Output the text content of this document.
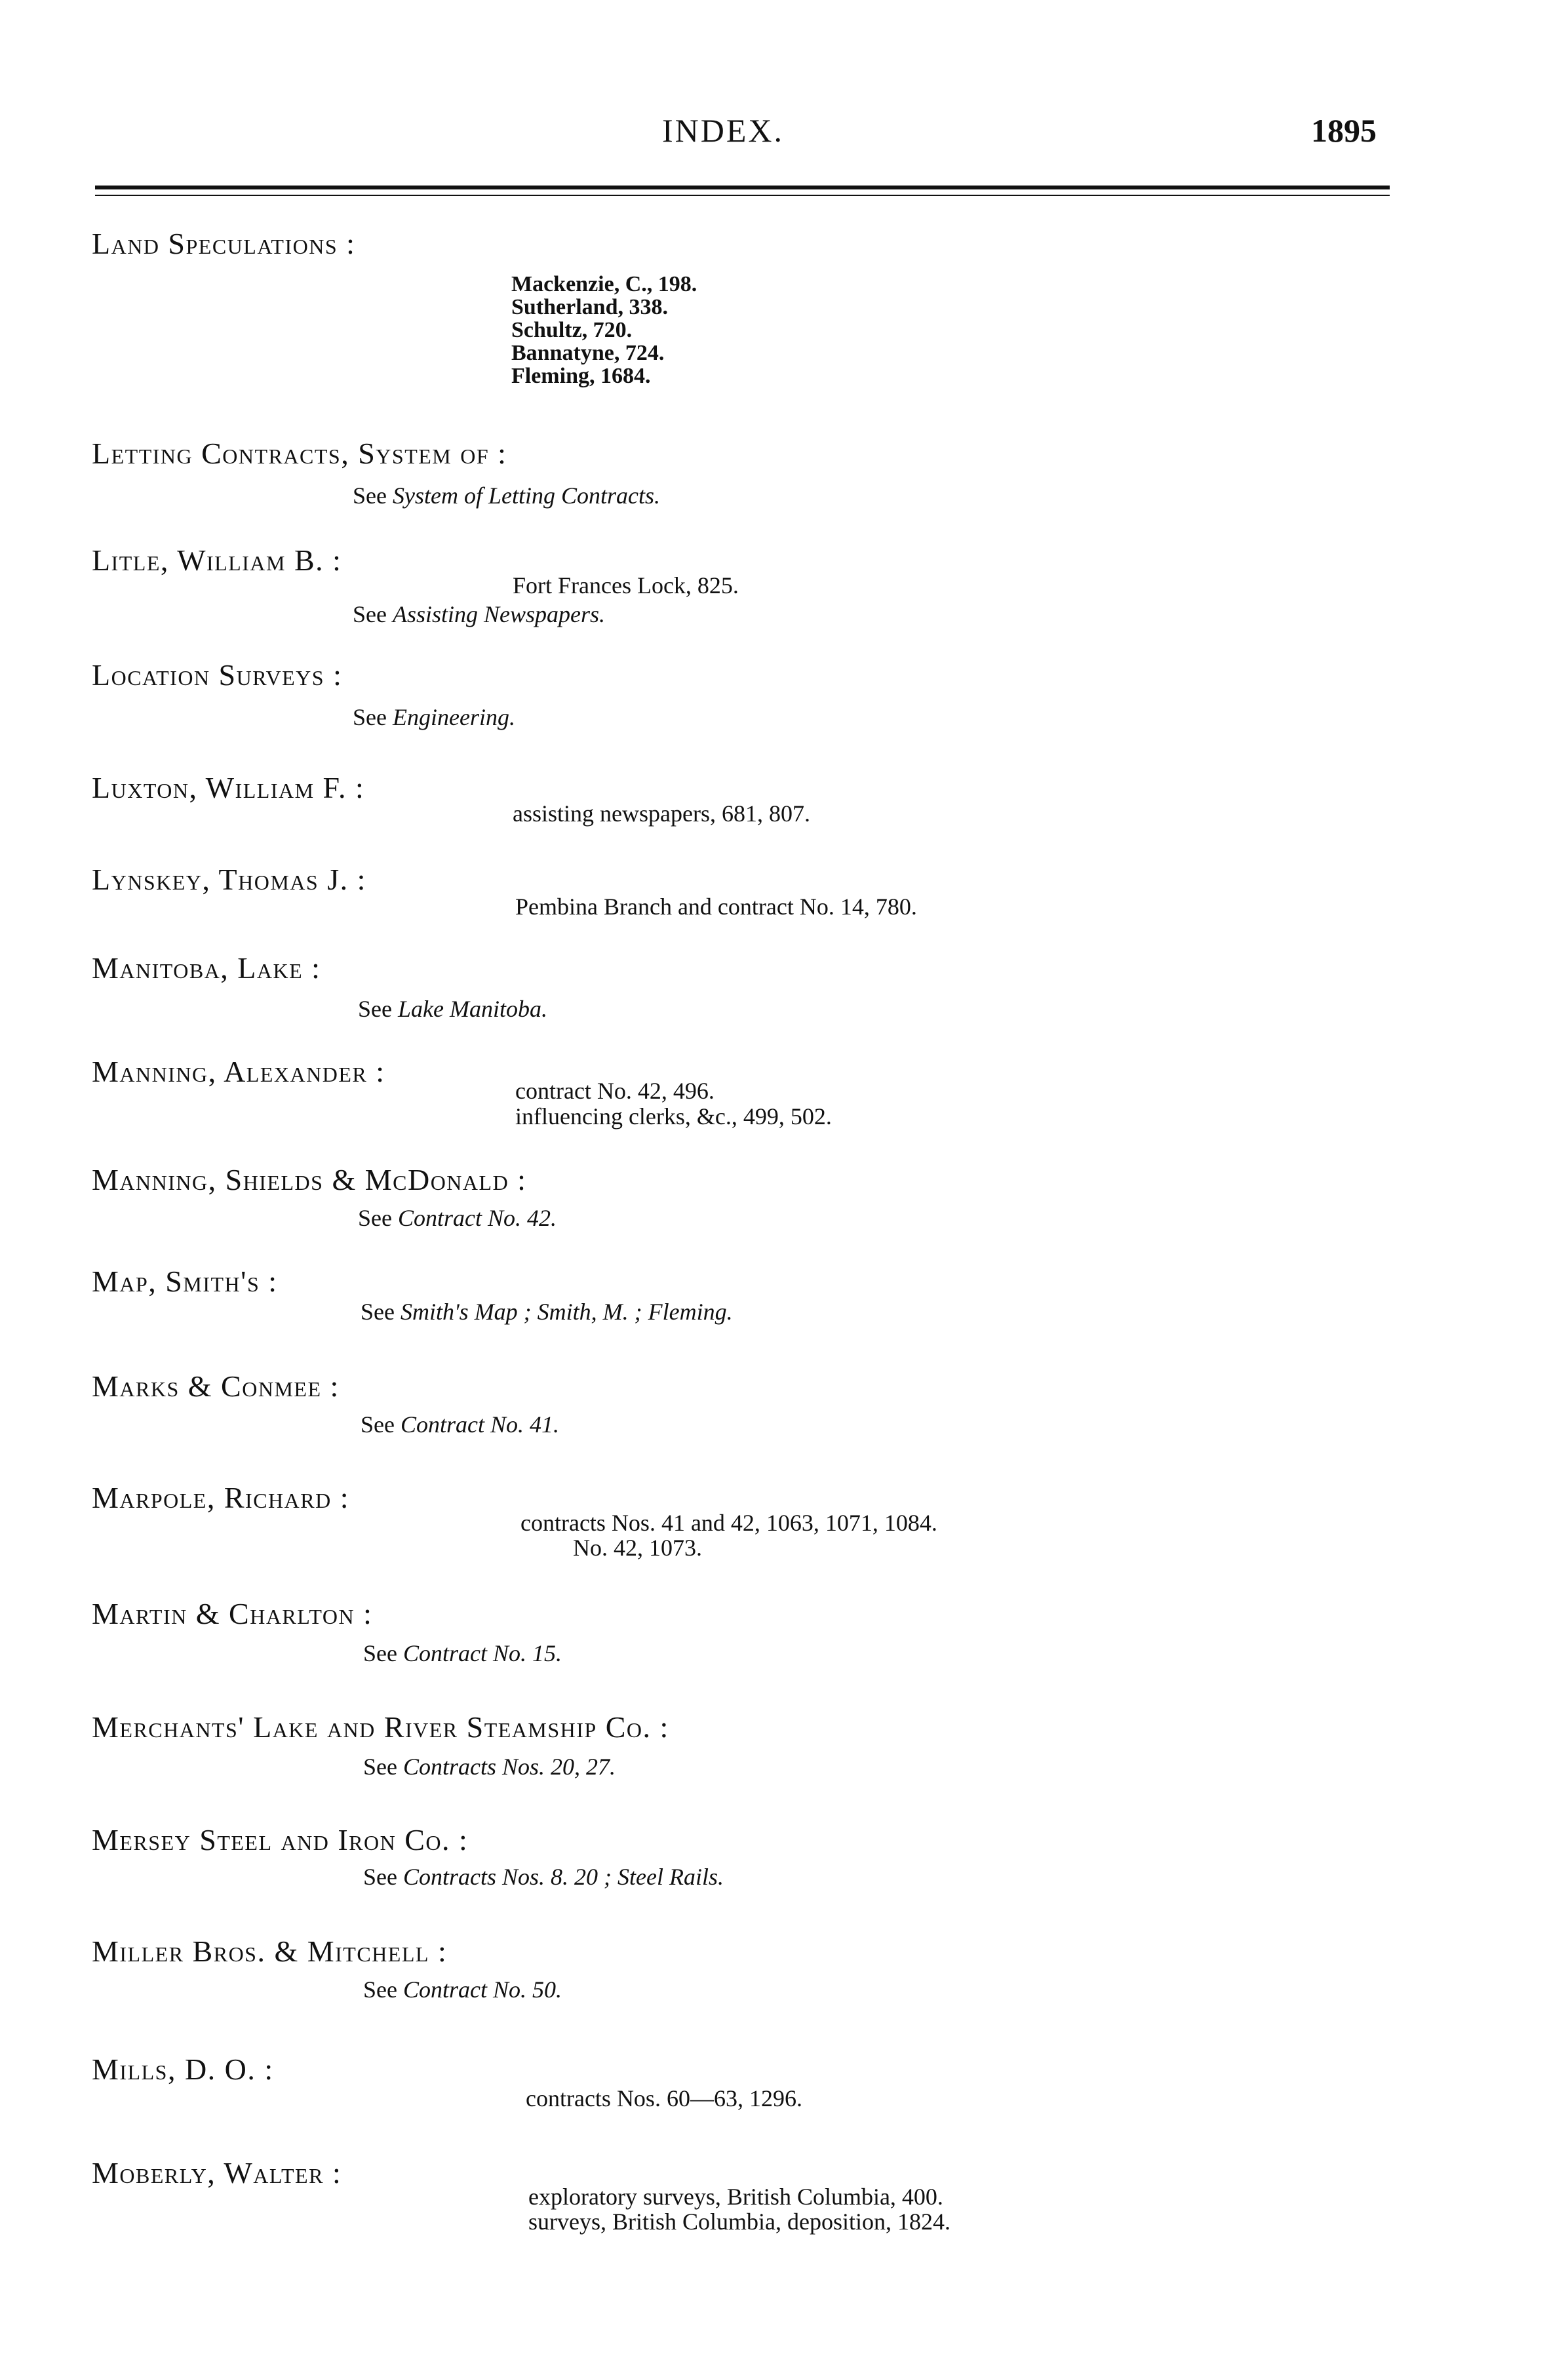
INDEX.	1895
Land Speculations :
Mackenzie, C., 198.
Sutherland, 338.
Schultz, 720.
Bannatyne, 724.
Fleming, 1684.
Letting Contracts, System of :
See System of Letting Contracts.
Litle, William B. :
Fort Frances Lock, 825.
See Assisting Newspapers.
Location Surveys :
See Engineering.
Luxton, William F. :
assisting newspapers, 681, 807.
Lynskey, Thomas J. :
Pembina Branch and contract No. 14, 780.
Manitoba, Lake :
See Lake Manitoba.
Manning, Alexander :
contract No. 42, 496.
influencing clerks, &c., 499, 502.
Manning, Shields & McDonald :
See Contract No. 42.
Map, Smith's :
See Smith's Map ; Smith, M. ; Fleming.
Marks & Conmee :
See Contract No. 41.
Marpole, Richard :
contracts Nos. 41 and 42, 1063, 1071, 1084.
No. 42, 1073.
Martin & Charlton :
See Contract No. 15.
Merchants' Lake and River Steamship Co. :
See Contracts Nos. 20, 27.
Mersey Steel and Iron Co. :
See Contracts Nos. 8. 20 ; Steel Rails.
Miller Bros. & Mitchell :
See Contract No. 50.
Mills, D. O. :
contracts Nos. 60—63, 1296.
Moberly, Walter :
exploratory surveys, British Columbia, 400.
surveys, British Columbia, deposition, 1824.
